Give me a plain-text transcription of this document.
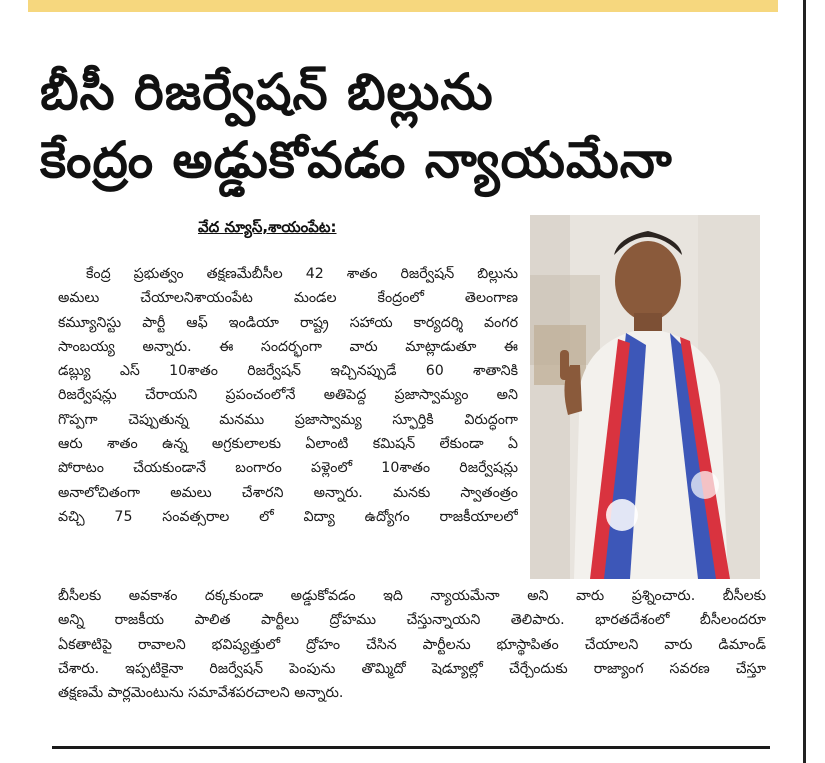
బీసీ రిజర్వేషన్ బిల్లును
కేంద్రం అడ్డుకోవడం న్యాయమేనా
వేద న్యూస్,శాయంపేట:
కేంద్ర ప్రభుత్వం తక్షణమేబీసీల 42 శాతం రిజర్వేషన్ బిల్లును
అమలు చేయాలనిశాయంపేట మండల కేంద్రంలో తెలంగాణ
కమ్యూనిస్టు పార్టీ ఆఫ్ ఇండియా రాష్ట్ర సహాయ కార్యదర్శి వంగర
సాంబయ్య అన్నారు. ఈ సందర్భంగా వారు మాట్లాడుతూ ఈ
డబ్ల్యు ఎస్ 10శాతం రిజర్వేషన్ ఇచ్చినప్పుడే 60 శాతానికి
రిజర్వేషన్లు చేరాయని ప్రపంచంలోనే అతిపెద్ద ప్రజాస్వామ్యం అని
గొప్పగా చెప్పుతున్న మనము ప్రజాస్వామ్య స్ఫూర్తికి విరుద్ధంగా
ఆరు శాతం ఉన్న అగ్రకులాలకు ఏలాంటి కమిషన్ లేకుండా ఏ
పోరాటం చేయకుండానే బంగారం పళ్లెంలో 10శాతం రిజర్వేషన్లు
అనాలోచితంగా అమలు చేశారని అన్నారు. మనకు స్వాతంత్రం
వచ్చి 75 సంవత్సరాల లో విద్యా ఉద్యోగం రాజకీయాలలో
బీసీలకు అవకాశం దక్కకుండా అడ్డుకోవడం ఇది న్యాయమేనా అని వారు ప్రశ్నించారు. బీసీలకు
అన్ని రాజకీయ పాలిత పార్టీలు ద్రోహము చేస్తున్నాయని తెలిపారు. భారతదేశంలో బీసీలందరూ
ఏకతాటిపై రావాలని భవిష్యత్తులో ద్రోహం చేసిన పార్టీలను భూస్థాపితం చేయాలని వారు డిమాండ్
చేశారు. ఇప్పటికైనా రిజర్వేషన్ పెంపును తొమ్మిదో షెడ్యూల్లో చేర్చేందుకు రాజ్యాంగ సవరణ చేస్తూ
తక్షణమే పార్లమెంటును సమావేశపరచాలని అన్నారు.
